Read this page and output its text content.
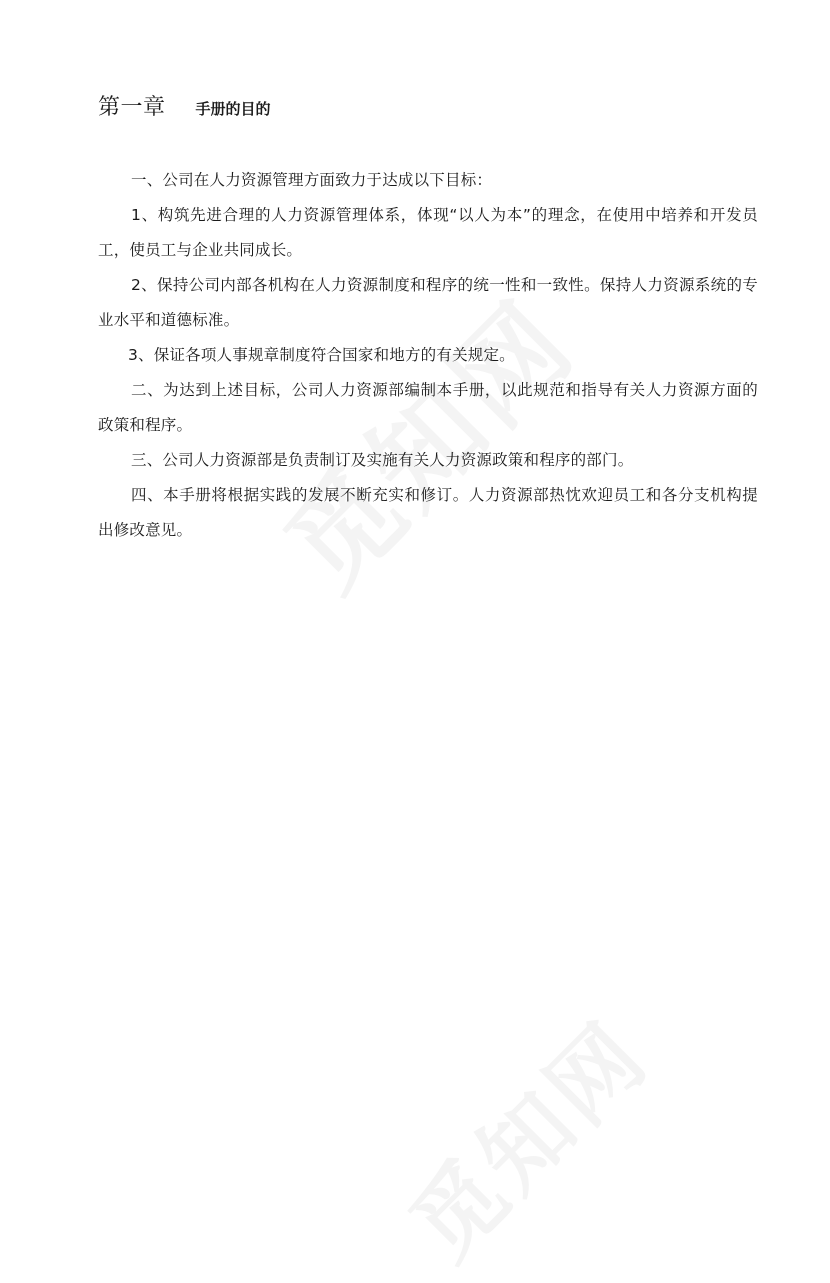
第一章 手册的目的

一、公司在人力资源管理方面致力于达成以下目标：

1、构筑先进合理的人力资源管理体系，体现“以人为本”的理念，在使用中培养和开发员工，使员工与企业共同成长。

2、保持公司内部各机构在人力资源制度和程序的统一性和一致性。保持人力资源系统的专业水平和道德标准。

3、保证各项人事规章制度符合国家和地方的有关规定。

二、为达到上述目标，公司人力资源部编制本手册，以此规范和指导有关人力资源方面的政策和程序。

三、公司人力资源部是负责制订及实施有关人力资源政策和程序的部门。

四、本手册将根据实践的发展不断充实和修订。人力资源部热忱欢迎员工和各分支机构提出修改意见。
